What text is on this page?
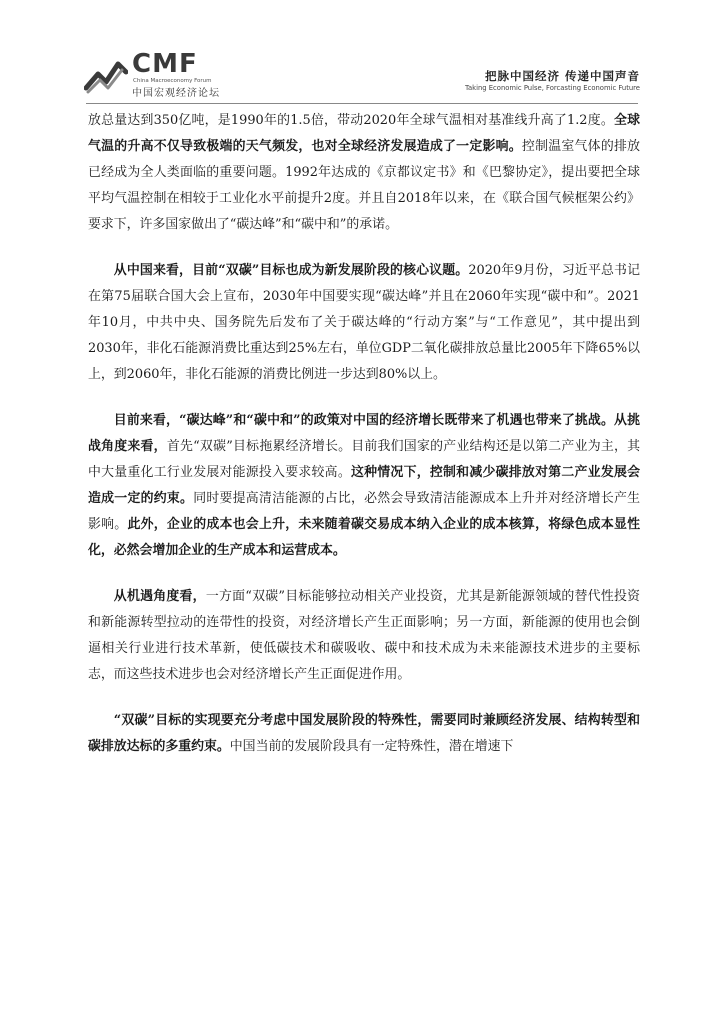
CMF
China Macroeconomy Forum
中国宏观经济论坛
把脉中国经济 传递中国声音
Taking Economic Pulse, Forcasting Economic Future

放总量达到350亿吨，是1990年的1.5倍，带动2020年全球气温相对基准线升高了1.2度。全球气温的升高不仅导致极端的天气频发，也对全球经济发展造成了一定影响。控制温室气体的排放已经成为全人类面临的重要问题。1992年达成的《京都议定书》和《巴黎协定》，提出要把全球平均气温控制在相较于工业化水平前提升2度。并且自2018年以来，在《联合国气候框架公约》要求下，许多国家做出了“碳达峰”和“碳中和”的承诺。

从中国来看，目前“双碳”目标也成为新发展阶段的核心议题。2020年9月份，习近平总书记在第75届联合国大会上宣布，2030年中国要实现“碳达峰”并且在2060年实现“碳中和”。2021年10月，中共中央、国务院先后发布了关于碳达峰的“行动方案”与“工作意见”，其中提出到2030年，非化石能源消费比重达到25%左右，单位GDP二氧化碳排放总量比2005年下降65%以上，到2060年，非化石能源的消费比例进一步达到80%以上。

目前来看，“碳达峰”和“碳中和”的政策对中国的经济增长既带来了机遇也带来了挑战。从挑战角度来看，首先“双碳”目标拖累经济增长。目前我们国家的产业结构还是以第二产业为主，其中大量重化工行业发展对能源投入要求较高。这种情况下，控制和减少碳排放对第二产业发展会造成一定的约束。同时要提高清洁能源的占比，必然会导致清洁能源成本上升并对经济增长产生影响。此外，企业的成本也会上升，未来随着碳交易成本纳入企业的成本核算，将绿色成本显性化，必然会增加企业的生产成本和运营成本。

从机遇角度看，一方面“双碳”目标能够拉动相关产业投资，尤其是新能源领域的替代性投资和新能源转型拉动的连带性的投资，对经济增长产生正面影响；另一方面，新能源的使用也会倒逼相关行业进行技术革新，使低碳技术和碳吸收、碳中和技术成为未来能源技术进步的主要标志，而这些技术进步也会对经济增长产生正面促进作用。

“双碳”目标的实现要充分考虑中国发展阶段的特殊性，需要同时兼顾经济发展、结构转型和碳排放达标的多重约束。中国当前的发展阶段具有一定特殊性，潜在增速下
